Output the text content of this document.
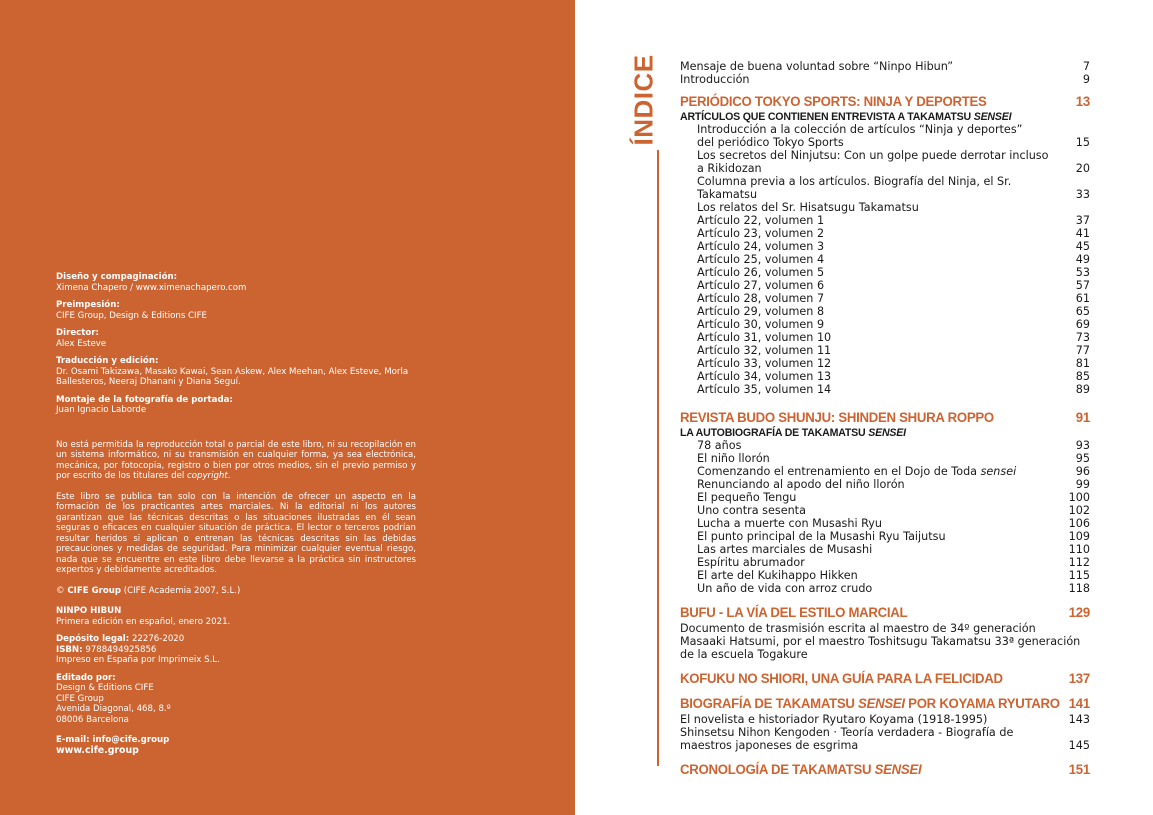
Diseño y compaginación:
Ximena Chapero / www.ximenachapero.com
Preimpesión:
CIFE Group, Design & Editions CIFE
Director:
Alex Esteve
Traducción y edición:
Dr. Osami Takizawa, Masako Kawai, Sean Askew, Alex Meehan, Alex Esteve, Morla Ballesteros, Neeraj Dhanani y Diana Seguí.
Montaje de la fotografía de portada:
Juan Ignacio Laborde

No está permitida la reproducción total o parcial de este libro, ni su recopilación en un sistema informático, ni su transmisión en cualquier forma, ya sea electrónica, mecánica, por fotocopia, registro o bien por otros medios, sin el previo permiso y por escrito de los titulares del copyright.

Este libro se publica tan solo con la intención de ofrecer un aspecto en la formación de los practicantes artes marciales. Ni la editorial ni los autores garantizan que las técnicas descritas o las situaciones ilustradas en él sean seguras o eficaces en cualquier situación de práctica. El lector o terceros podrían resultar heridos si aplican o entrenan las técnicas descritas sin las debidas precauciones y medidas de seguridad. Para minimizar cualquier eventual riesgo, nada que se encuentre en este libro debe llevarse a la práctica sin instructores expertos y debidamente acreditados.

© CIFE Group (CIFE Academia 2007, S.L.)

NINPO HIBUN
Primera edición en español, enero 2021.
Depósito legal: 22276-2020
ISBN: 9788494925856
Impreso en España por Imprimeix S.L.
Editado por:
Design & Editions CIFE
CIFE Group
Avenida Diagonal, 468, 8.º
08006 Barcelona
E-mail: info@cife.group
www.cife.group
ÍNDICE Mensaje de buena voluntad sobre “Ninpo Hibun”	7
Introducción	9
PERIÓDICO TOKYO SPORTS: NINJA Y DEPORTES	13
ARTÍCULOS QUE CONTIENEN ENTREVISTA A TAKAMATSU SENSEI
Introducción a la colección de artículos “Ninja y deportes”
del periódico Tokyo Sports	15
Los secretos del Ninjutsu: Con un golpe puede derrotar incluso
a Rikidozan	20
Columna previa a los artículos. Biografía del Ninja, el Sr. Takamatsu	33
Los relatos del Sr. Hisatsugu Takamatsu
Artículo 22, volumen 1	37
Artículo 23, volumen 2	41
Artículo 24, volumen 3	45
Artículo 25, volumen 4	49
Artículo 26, volumen 5	53
Artículo 27, volumen 6	57
Artículo 28, volumen 7	61
Artículo 29, volumen 8	65
Artículo 30, volumen 9	69
Artículo 31, volumen 10	73
Artículo 32, volumen 11	77
Artículo 33, volumen 12	81
Artículo 34, volumen 13	85
Artículo 35, volumen 14	89
REVISTA BUDO SHUNJU: SHINDEN SHURA ROPPO	91
LA AUTOBIOGRAFÍA DE TAKAMATSU SENSEI
78 años	93
El niño llorón	95
Comenzando el entrenamiento en el Dojo de Toda sensei	96
Renunciando al apodo del niño llorón	99
El pequeño Tengu	100
Uno contra sesenta	102
Lucha a muerte con Musashi Ryu	106
El punto principal de la Musashi Ryu Taijutsu	109
Las artes marciales de Musashi	110
Espíritu abrumador	112
El arte del Kukihappo Hikken	115
Un año de vida con arroz crudo	118
BUFU - LA VÍA DEL ESTILO MARCIAL	129
Documento de trasmisión escrita al maestro de 34º generación
Masaaki Hatsumi, por el maestro Toshitsugu Takamatsu 33ª generación
de la escuela Togakure
KOFUKU NO SHIORI, UNA GUÍA PARA LA FELICIDAD	137
BIOGRAFÍA DE TAKAMATSU SENSEI POR KOYAMA RYUTARO 141
El novelista e historiador Ryutaro Koyama (1918-1995)	143
Shinsetsu Nihon Kengoden · Teoría verdadera - Biografía de
maestros japoneses de esgrima	145
CRONOLOGÍA DE TAKAMATSU SENSEI	151
